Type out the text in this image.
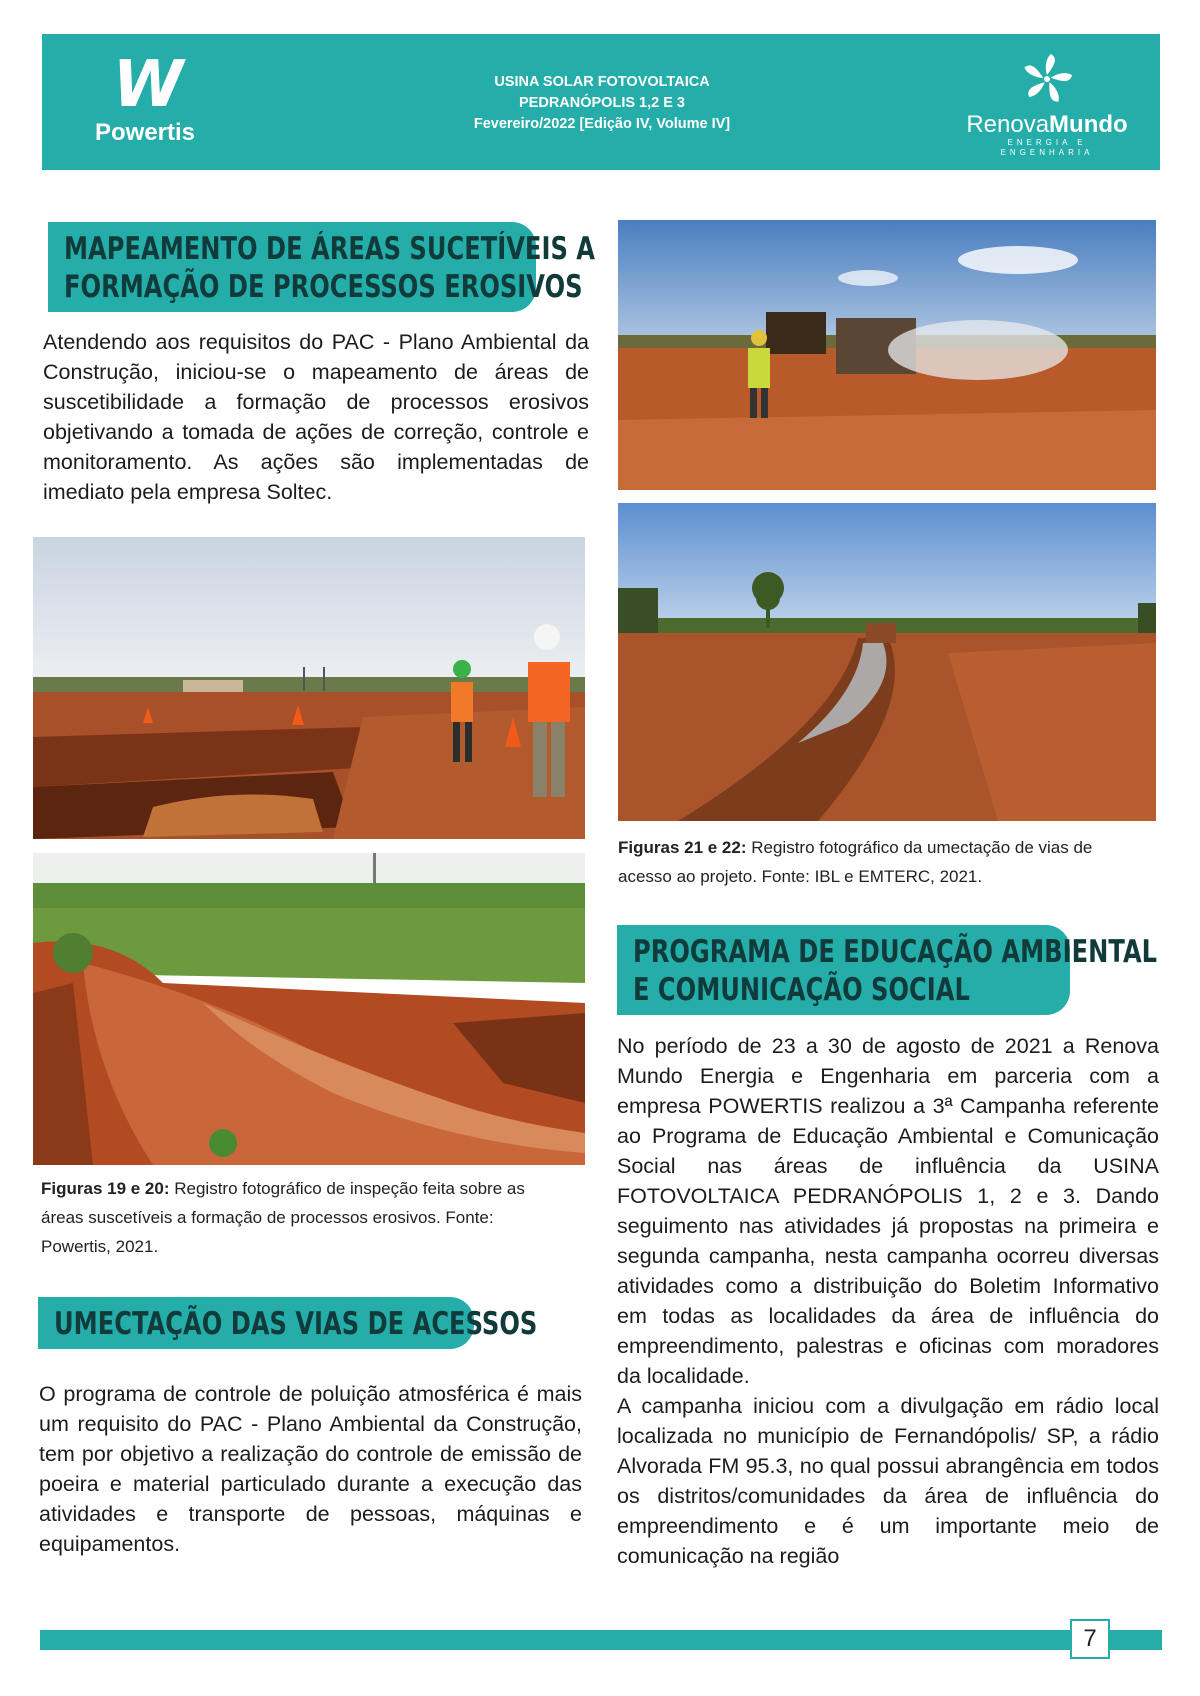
W
Powertis
USINA SOLAR FOTOVOLTAICA
PEDRANÓPOLIS 1,2 E 3
Fevereiro/2022 [Edição IV, Volume IV]	RenovaMundo
ENERGIA E ENGENHARIA
MAPEAMENTO DE ÁREAS SUCETÍVEIS A
FORMAÇÃO DE PROCESSOS EROSIVOS
Atendendo aos requisitos do PAC - Plano Ambiental da Construção, iniciou-se o mapeamento de áreas de suscetibilidade a formação de processos erosivos objetivando a tomada de ações de correção, controle e monitoramento. As ações são implementadas de imediato pela empresa Soltec.
Figuras 19 e 20: Registro fotográfico de inspeção feita sobre as áreas suscetíveis a formação de processos erosivos. Fonte: Powertis, 2021.
UMECTAÇÃO DAS VIAS DE ACESSOS
O programa de controle de poluição atmosférica é mais um requisito do PAC - Plano Ambiental da Construção, tem por objetivo a realização do controle de emissão de poeira e material particulado durante a execução das atividades e transporte de pessoas, máquinas e equipamentos.
Figuras 21 e 22: Registro fotográfico da umectação de vias de acesso ao projeto. Fonte: IBL e EMTERC, 2021.
PROGRAMA DE EDUCAÇÃO AMBIENTAL
E COMUNICAÇÃO SOCIAL
No período de 23 a 30 de agosto de 2021 a Renova Mundo Energia e Engenharia em parceria com a empresa POWERTIS realizou a 3ª Campanha referente ao Programa de Educação Ambiental e Comunicação Social nas áreas de influência da USINA FOTOVOLTAICA PEDRANÓPOLIS 1, 2 e 3. Dando seguimento nas atividades já propostas na primeira e segunda campanha, nesta campanha ocorreu diversas atividades como a distribuição do Boletim Informativo em todas as localidades da área de influência do empreendimento, palestras e oficinas com moradores da localidade.
A campanha iniciou com a divulgação em rádio local localizada no município de Fernandópolis/ SP, a rádio Alvorada FM 95.3, no qual possui abrangência em todos os distritos/comunidades da área de influência do empreendimento e é um importante meio de comunicação na região
7
